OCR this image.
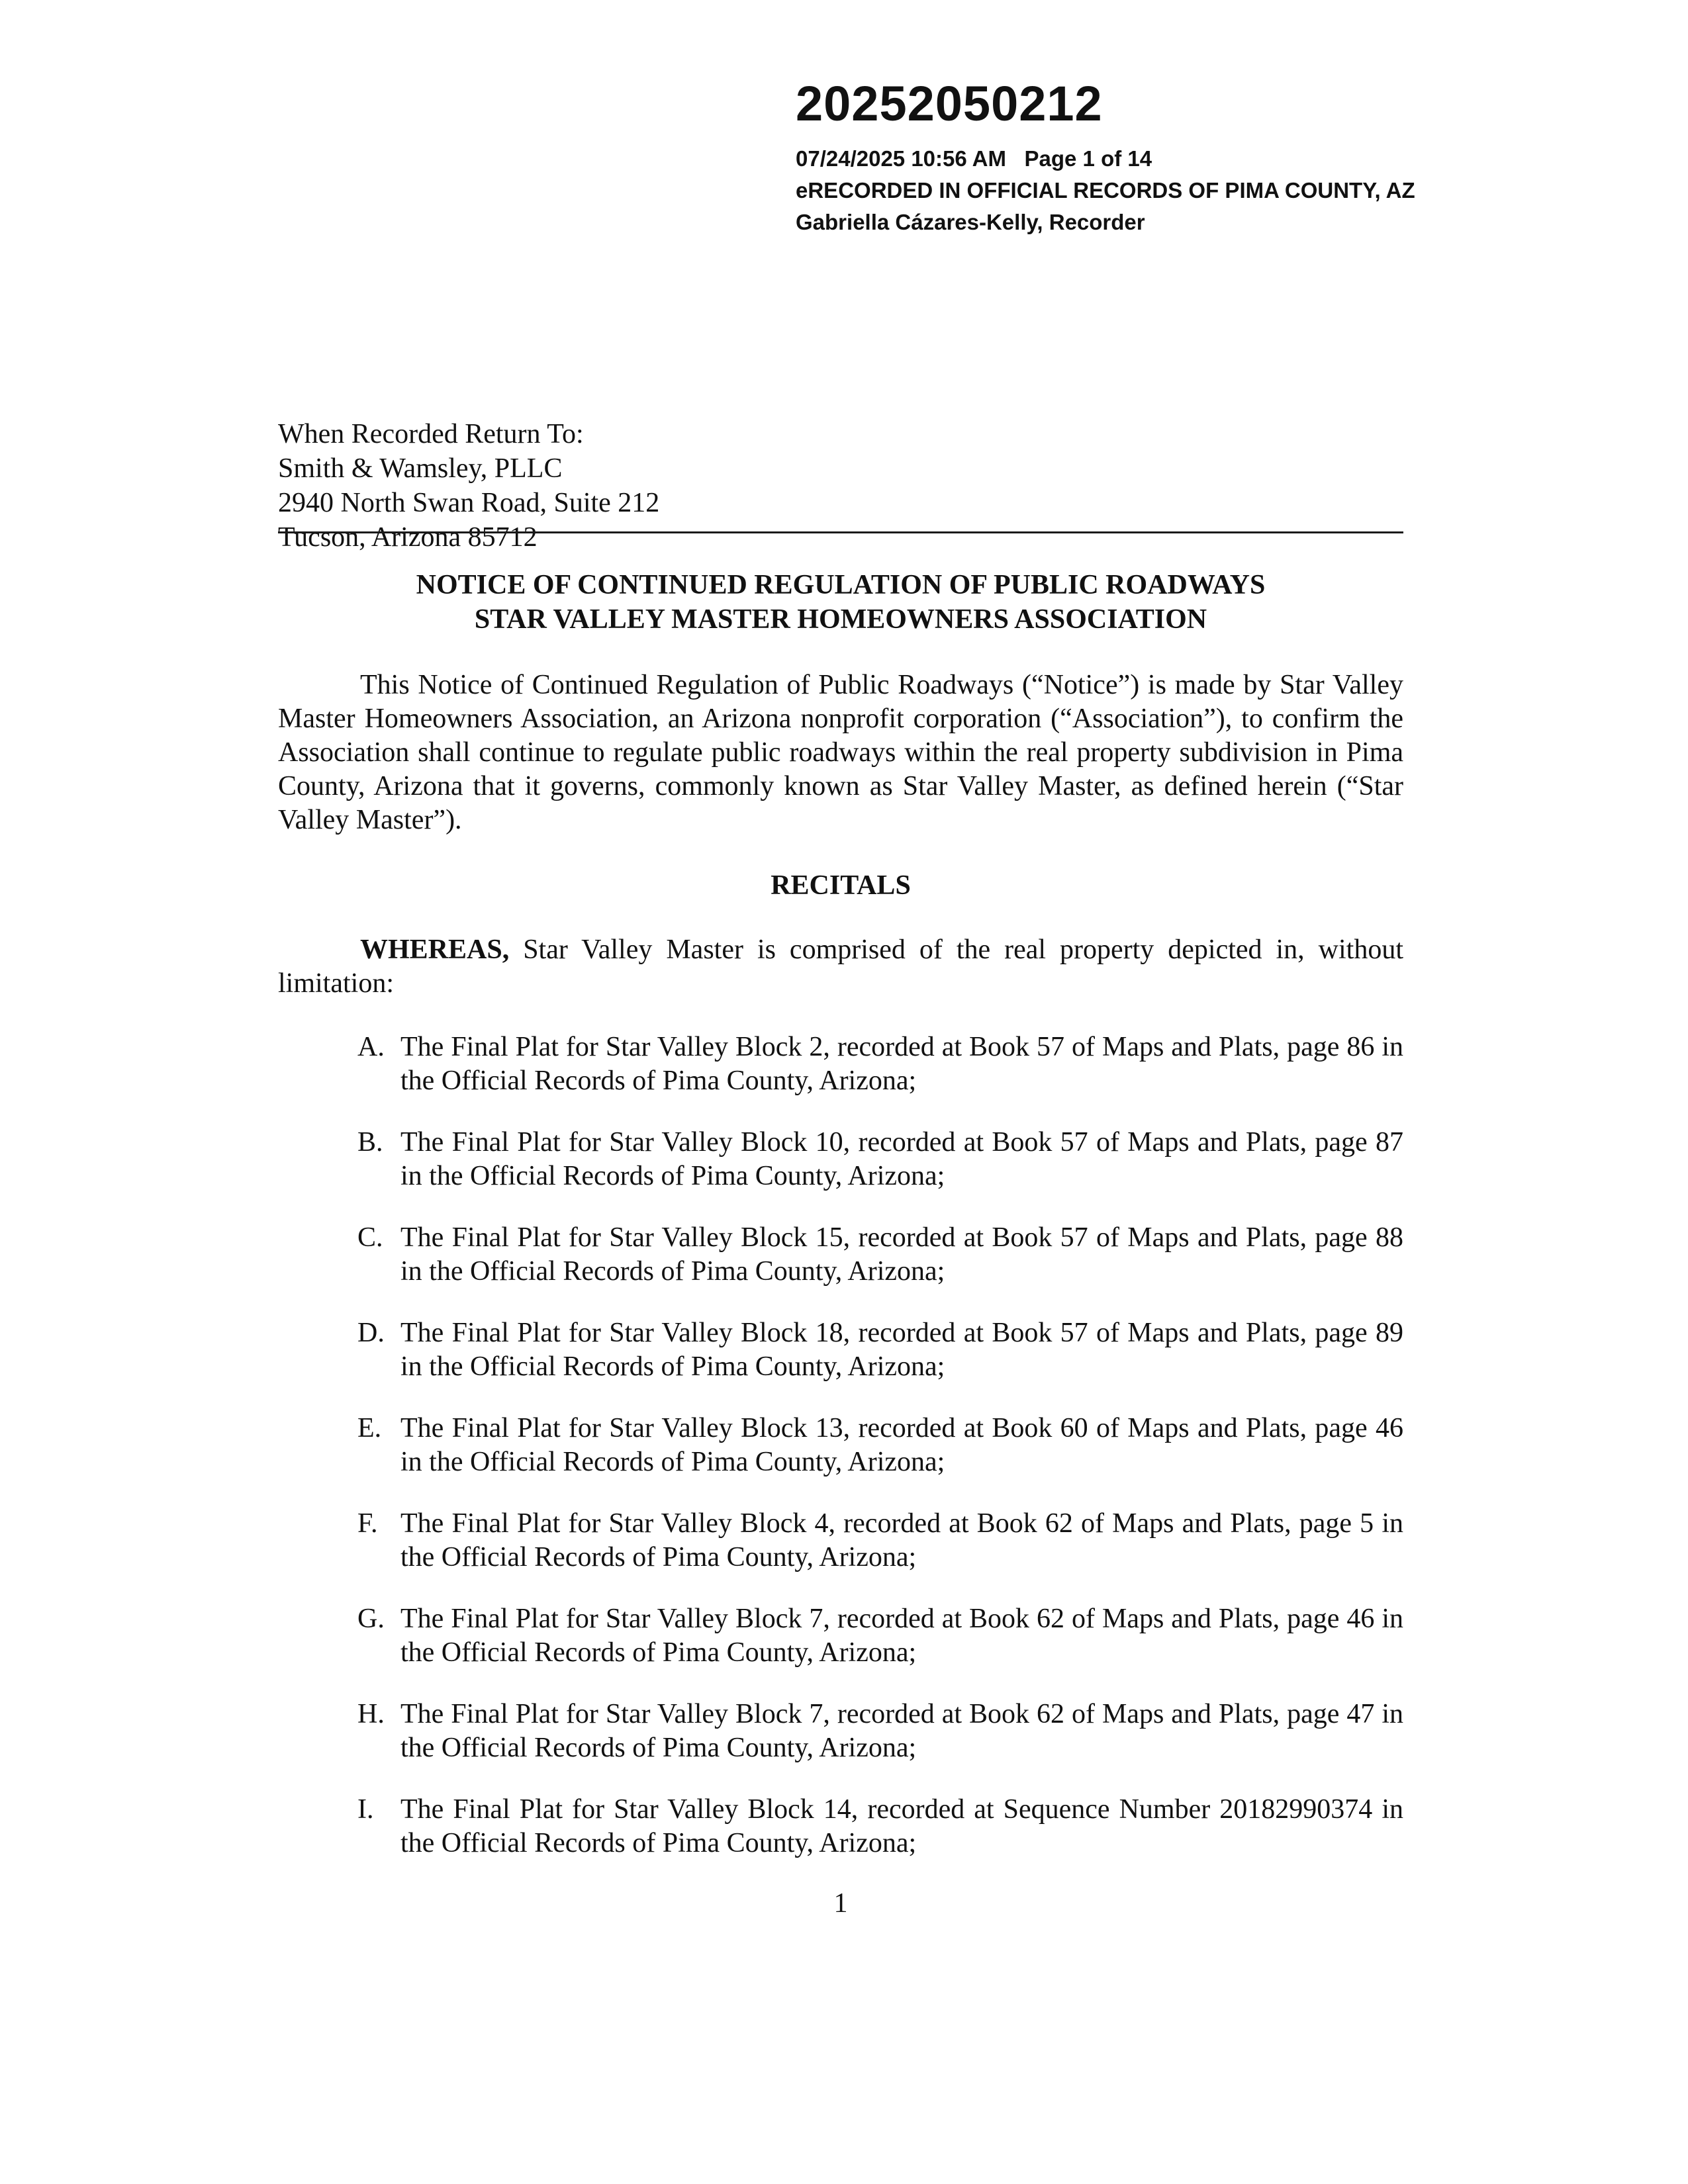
20252050212
07/24/2025 10:56 AM Page 1 of 14
eRECORDED IN OFFICIAL RECORDS OF PIMA COUNTY, AZ
Gabriella Cázares-Kelly, Recorder
When Recorded Return To:
Smith & Wamsley, PLLC
2940 North Swan Road, Suite 212
Tucson, Arizona 85712
NOTICE OF CONTINUED REGULATION OF PUBLIC ROADWAYS
STAR VALLEY MASTER HOMEOWNERS ASSOCIATION

This Notice of Continued Regulation of Public Roadways (“Notice”) is made by Star Valley Master Homeowners Association, an Arizona nonprofit corporation (“Association”), to confirm the Association shall continue to regulate public roadways within the real property subdivision in Pima County, Arizona that it governs, commonly known as Star Valley Master, as defined herein (“Star Valley Master”).

RECITALS

WHEREAS, Star Valley Master is comprised of the real property depicted in, without limitation:

A. The Final Plat for Star Valley Block 2, recorded at Book 57 of Maps and Plats, page 86 in the Official Records of Pima County, Arizona;
B. The Final Plat for Star Valley Block 10, recorded at Book 57 of Maps and Plats, page 87 in the Official Records of Pima County, Arizona;
C. The Final Plat for Star Valley Block 15, recorded at Book 57 of Maps and Plats, page 88 in the Official Records of Pima County, Arizona;
D. The Final Plat for Star Valley Block 18, recorded at Book 57 of Maps and Plats, page 89 in the Official Records of Pima County, Arizona;
E. The Final Plat for Star Valley Block 13, recorded at Book 60 of Maps and Plats, page 46 in the Official Records of Pima County, Arizona;
F. The Final Plat for Star Valley Block 4, recorded at Book 62 of Maps and Plats, page 5 in the Official Records of Pima County, Arizona;
G. The Final Plat for Star Valley Block 7, recorded at Book 62 of Maps and Plats, page 46 in the Official Records of Pima County, Arizona;
H. The Final Plat for Star Valley Block 7, recorded at Book 62 of Maps and Plats, page 47 in the Official Records of Pima County, Arizona;
I. The Final Plat for Star Valley Block 14, recorded at Sequence Number 20182990374 in the Official Records of Pima County, Arizona;
1
